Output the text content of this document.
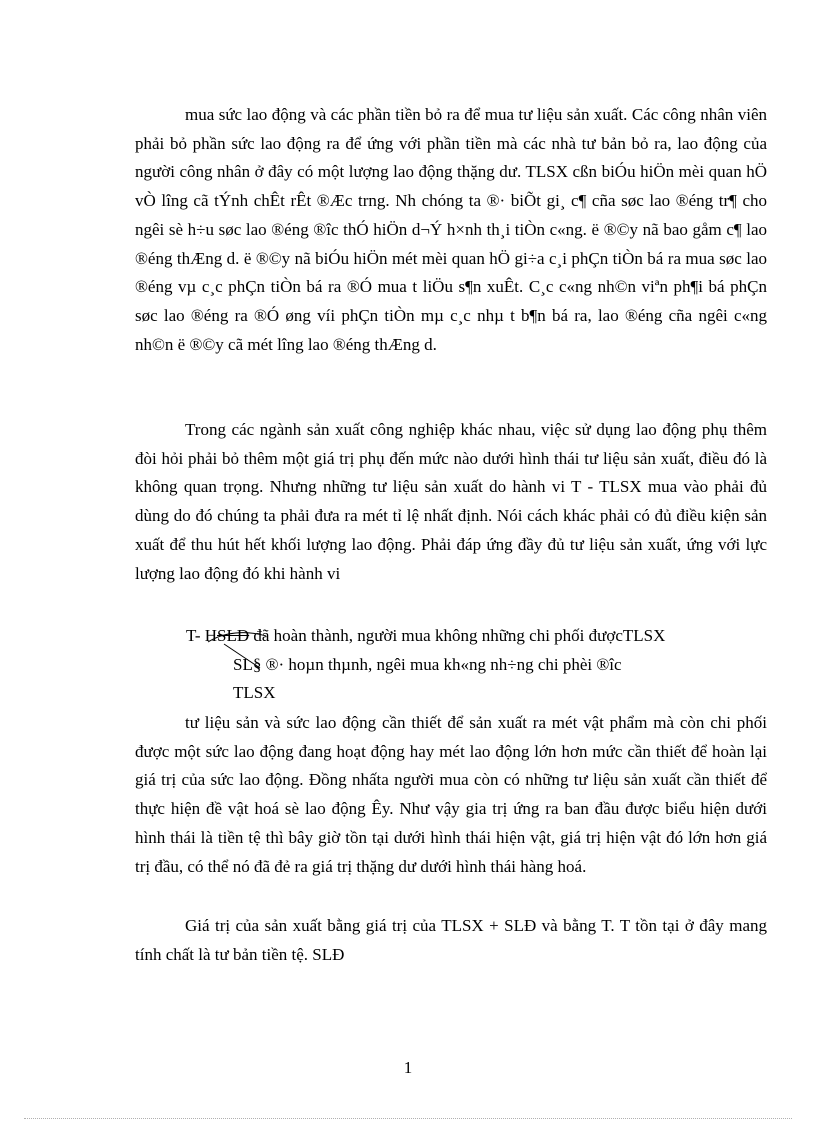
mua sức lao động và các phần tiền bỏ ra để mua tư liệu sản xuất. Các công nhân viên phải bỏ phần sức lao động ra để ứng với phần tiền mà các nhà tư bản bỏ ra, lao động của người công nhân ở đây có một lượng lao động thặng dư. TLSX cßn biÓu hiÖn mèi quan hÖ vÒ lîng cã tÝnh chÊt rÊt ®Æc trng. Nh chóng ta ®· biÕt gi¸ c¶ cña søc lao ®éng tr¶ cho ngêi sè h÷u søc lao ®éng ®îc thÓ hiÖn d¬Ý h×nh th¸i tiÒn c«ng. ë ®©y nã bao gåm c¶ lao ®éng thÆng d. ë ®©y nã biÓu hiÖn mét mèi quan hÖ gi÷a c¸i phÇn tiÒn bá ra mua søc lao ®éng vµ c¸c phÇn tiÒn bá ra ®Ó mua t liÖu s¶n xuÊt. C¸c c«ng nh©n viªn ph¶i bá phÇn søc lao ®éng ra ®Ó øng víi phÇn tiÒn mµ c¸c nhµ t b¶n bá ra, lao ®éng cña ngêi c«ng nh©n ë ®©y cã mét lîng lao ®éng thÆng d.

Trong các ngành sản xuất công nghiệp khác nhau, việc sử dụng lao động phụ thêm đòi hỏi phải bỏ thêm một giá trị phụ đến mức nào dưới hình thái tư liệu sản xuất, điều đó là không quan trọng. Nhưng những tư liệu sản xuất do hành vi T - TLSX mua vào phải đủ dùng do đó chúng ta phải đưa ra mét tỉ lệ nhất định. Nói cách khác phải có đủ điều kiện sản xuất để thu hút hết khối lượng lao động. Phải đáp ứng đầy đủ tư liệu sản xuất, ứng với lực lượng lao động đó khi hành vi

T- HSLĐ đã hoàn thành, người mua không những chi phối đượcTLSX
SL§ ®· hoµn thµnh, ngêi mua kh«ng nh÷ng chi phèi ®îc
TLSX

tư liệu sản và sức lao động cần thiết để sản xuất ra mét vật phẩm mà còn chi phối được một sức lao động đang hoạt động hay mét lao động lớn hơn mức cần thiết để hoàn lại giá trị của sức lao động. Đồng nhấta người mua còn có những tư liệu sản xuất cần thiết để thực hiện đề vật hoá sè lao động Êy. Như vậy gia trị ứng ra ban đầu được biểu hiện dưới hình thái là tiền tệ thì bây giờ tồn tại dưới hình thái hiện vật, giá trị hiện vật đó lớn hơn giá trị đầu, có thể nó đã đẻ ra giá trị thặng dư dưới hình thái hàng hoá.

Giá trị của sản xuất bằng giá trị của TLSX + SLĐ và bằng T. T tồn tại ở đây mang tính chất là tư bản tiền tệ. SLĐ

1
